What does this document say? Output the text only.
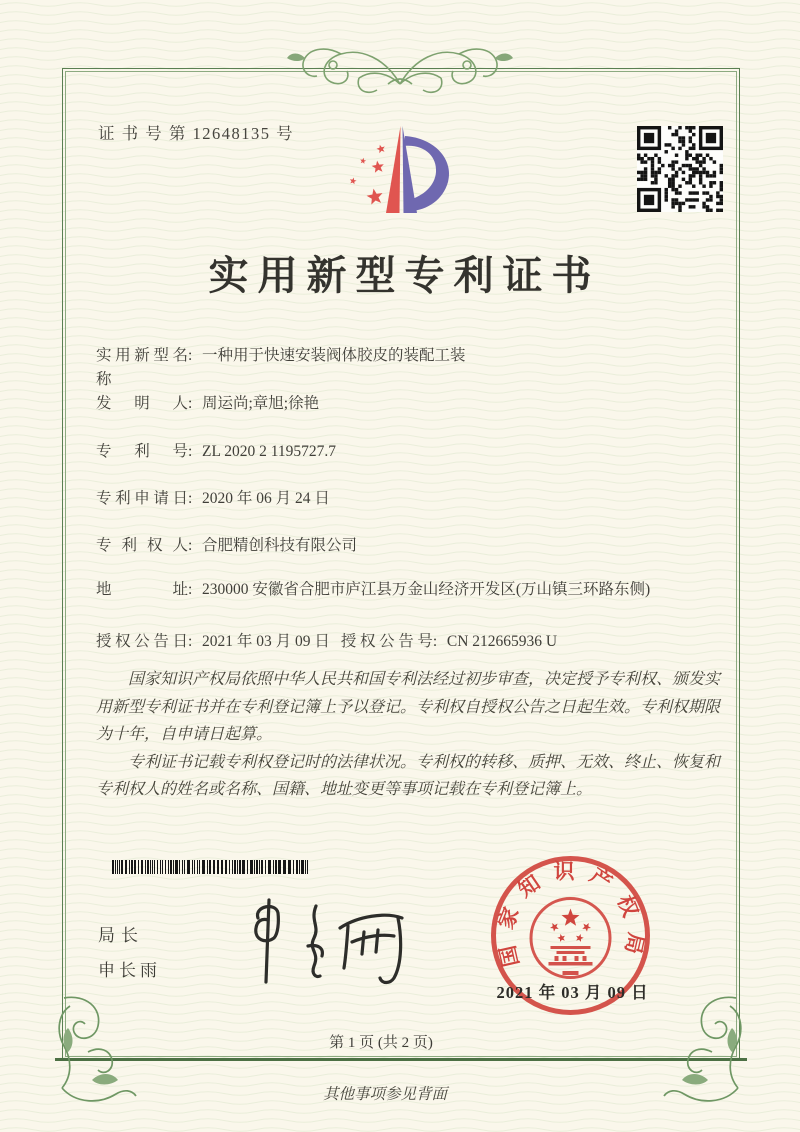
证 书 号 第 12648135 号
实用新型专利证书
实用新型名称: 一种用于快速安装阀体胶皮的装配工装
发明人: 周运尚;章旭;徐艳
专利号: ZL 2020 2 1195727.7
专利申请日: 2020 年 06 月 24 日
专利权人: 合肥精创科技有限公司
地址: 230000 安徽省合肥市庐江县万金山经济开发区(万山镇三环路东侧)
授权公告日: 2021 年 03 月 09 日 授权公告号: CN 212665936 U

国家知识产权局依照中华人民共和国专利法经过初步审查，决定授予专利权、颁发实用新型专利证书并在专利登记簿上予以登记。专利权自授权公告之日起生效。专利权期限为十年，自申请日起算。

专利证书记载专利权登记时的法律状况。专利权的转移、质押、无效、终止、恢复和专利权人的姓名或名称、国籍、地址变更等事项记载在专利登记簿上。

局长
申长雨
国家知识产权局
2021 年 03 月 09 日
第 1 页 (共 2 页)
其他事项参见背面
